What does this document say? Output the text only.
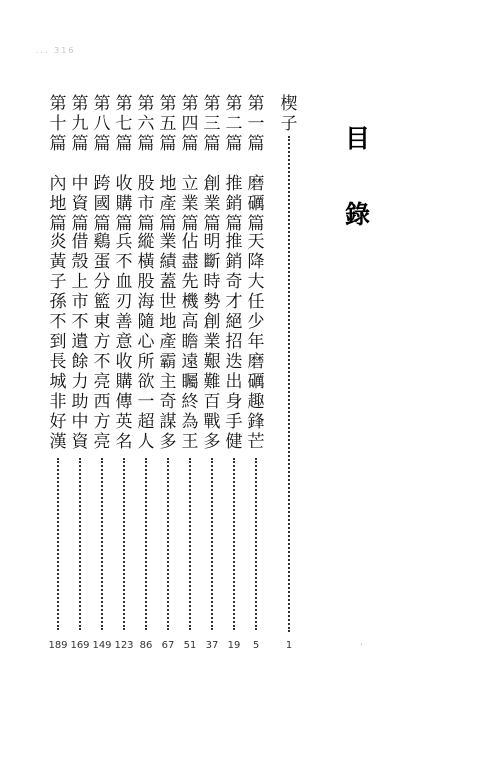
... 316
目
錄
楔
子
1
第
一
篇
磨
礪
篇
天
降
大
任
少
年
磨
礪
趣
鋒
芒
5
第
二
篇
推
銷
篇
推
銷
奇
才
絕
招
迭
出
身
手
健
19
第
三
篇
創
業
篇
明
斷
時
勢
創
業
艱
難
百
戰
多
37
第
四
篇
立
業
篇
佔
盡
先
機
高
瞻
遠
矚
終
為
王
51
第
五
篇
地
產
篇
業
績
蓋
世
地
產
霸
主
奇
謀
多
67
第
六
篇
股
市
篇
縱
橫
股
海
隨
心
所
欲
一
超
人
86
第
七
篇
收
購
篇
兵
不
血
刃
善
意
收
購
傳
英
名
123
第
八
篇
跨
國
篇
鷄
蛋
分
籃
東
方
不
亮
西
方
亮
149
第
九
篇
中
資
篇
借
殼
上
市
不
遺
餘
力
助
中
資
169
第
十
篇
內
地
篇
炎
黃
子
孫
不
到
長
城
非
好
漢
189	·
